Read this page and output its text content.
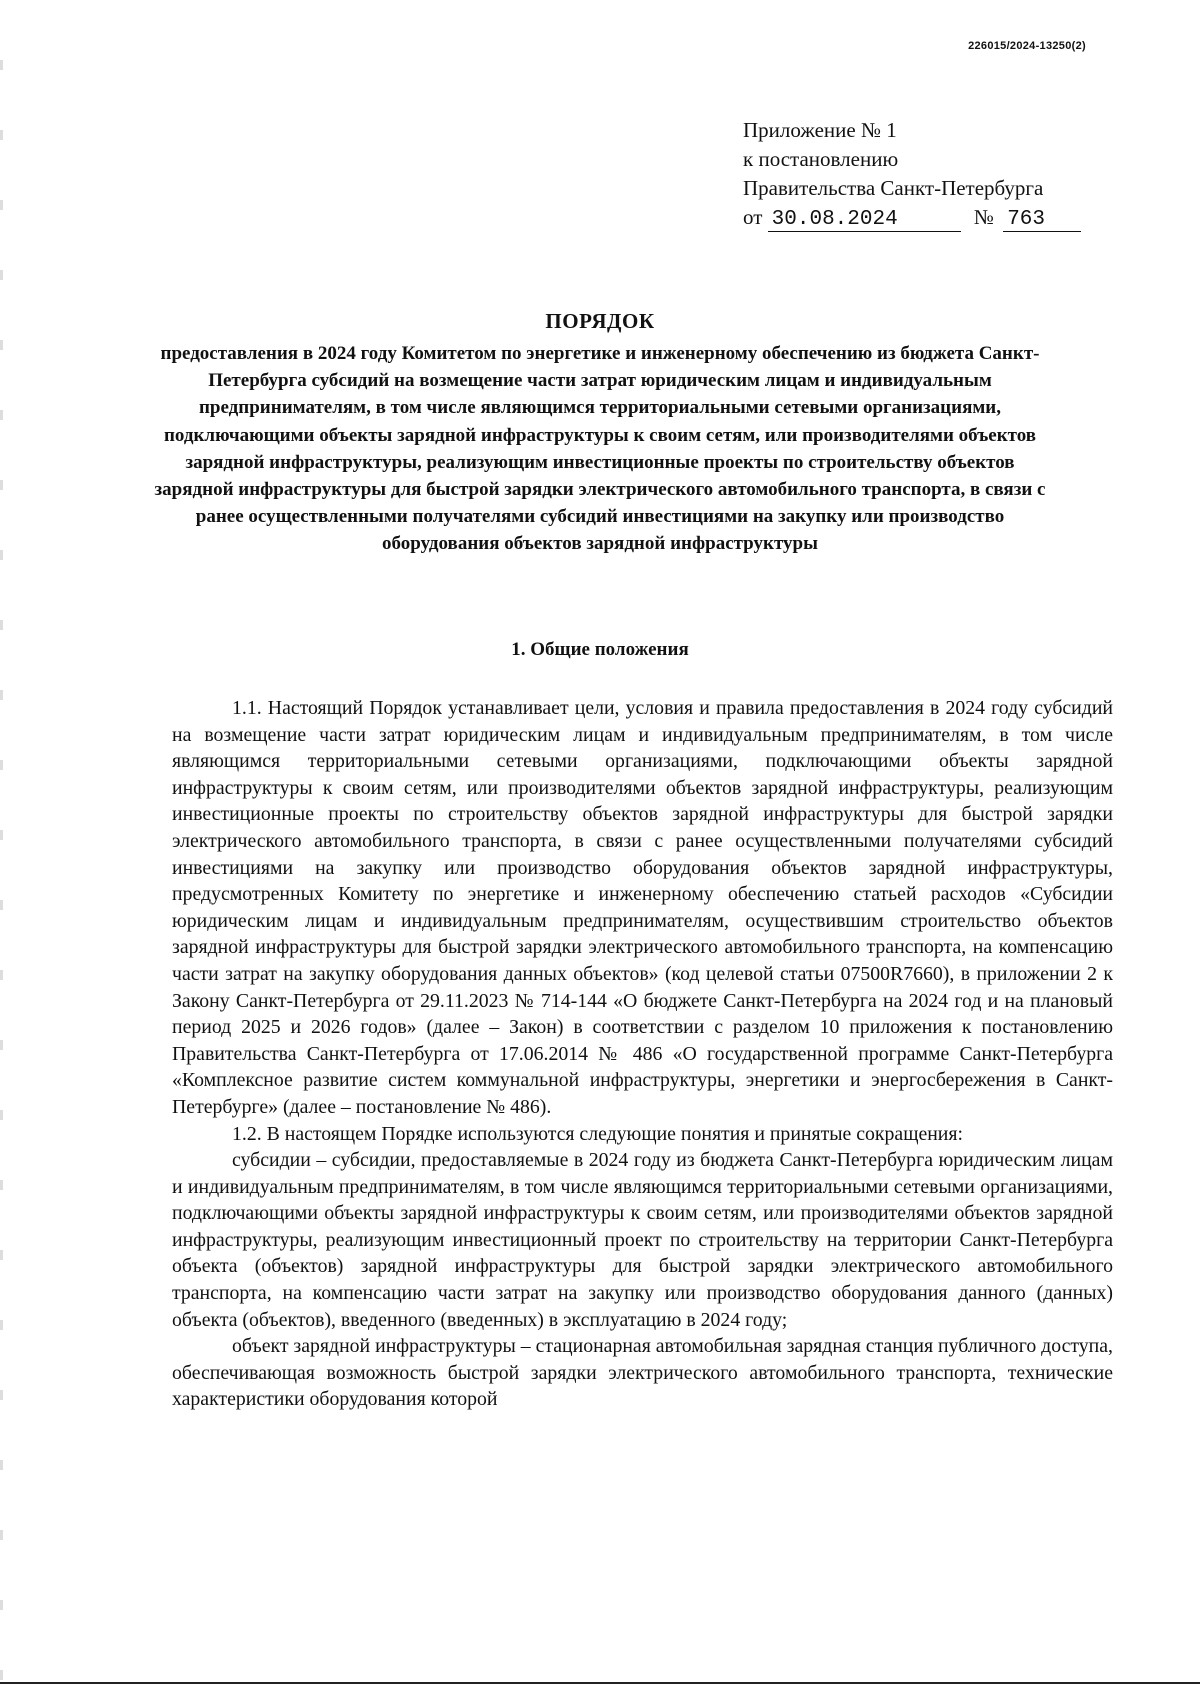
226015/2024-13250(2)
Приложение № 1
к постановлению
Правительства Санкт-Петербурга
от 30.08.2024	№ 763
ПОРЯДОК
предоставления в 2024 году Комитетом по энергетике и инженерному обеспечению из бюджета Санкт-Петербурга субсидий на возмещение части затрат юридическим лицам и индивидуальным предпринимателям, в том числе являющимся территориальными сетевыми организациями, подключающими объекты зарядной инфраструктуры к своим сетям, или производителями объектов зарядной инфраструктуры, реализующим инвестиционные проекты по строительству объектов зарядной инфраструктуры для быстрой зарядки электрического автомобильного транспорта, в связи с ранее осуществленными получателями субсидий инвестициями на закупку или производство оборудования объектов зарядной инфраструктуры
1. Общие положения

1.1. Настоящий Порядок устанавливает цели, условия и правила предоставления в 2024 году субсидий на возмещение части затрат юридическим лицам и индивидуальным предпринимателям, в том числе являющимся территориальными сетевыми организациями, подключающими объекты зарядной инфраструктуры к своим сетям, или производителями объектов зарядной инфраструктуры, реализующим инвестиционные проекты по строительству объектов зарядной инфраструктуры для быстрой зарядки электрического автомобильного транспорта, в связи с ранее осуществленными получателями субсидий инвестициями на закупку или производство оборудования объектов зарядной инфраструктуры, предусмотренных Комитету по энергетике и инженерному обеспечению статьей расходов «Субсидии юридическим лицам и индивидуальным предпринимателям, осуществившим строительство объектов зарядной инфраструктуры для быстрой зарядки электрического автомобильного транспорта, на компенсацию части затрат на закупку оборудования данных объектов» (код целевой статьи 07500R7660), в приложении 2 к Закону Санкт-Петербурга от 29.11.2023 № 714-144 «О бюджете Санкт-Петербурга на 2024 год и на плановый период 2025 и 2026 годов» (далее – Закон) в соответствии с разделом 10 приложения к постановлению Правительства Санкт-Петербурга от 17.06.2014 № 486 «О государственной программе Санкт-Петербурга «Комплексное развитие систем коммунальной инфраструктуры, энергетики и энергосбережения в Санкт-Петербурге» (далее – постановление № 486).

1.2. В настоящем Порядке используются следующие понятия и принятые сокращения:

субсидии – субсидии, предоставляемые в 2024 году из бюджета Санкт-Петербурга юридическим лицам и индивидуальным предпринимателям, в том числе являющимся территориальными сетевыми организациями, подключающими объекты зарядной инфраструктуры к своим сетям, или производителями объектов зарядной инфраструктуры, реализующим инвестиционный проект по строительству на территории Санкт-Петербурга объекта (объектов) зарядной инфраструктуры для быстрой зарядки электрического автомобильного транспорта, на компенсацию части затрат на закупку или производство оборудования данного (данных) объекта (объектов), введенного (введенных) в эксплуатацию в 2024 году;

объект зарядной инфраструктуры – стационарная автомобильная зарядная станция публичного доступа, обеспечивающая возможность быстрой зарядки электрического автомобильного транспорта, технические характеристики оборудования которой
